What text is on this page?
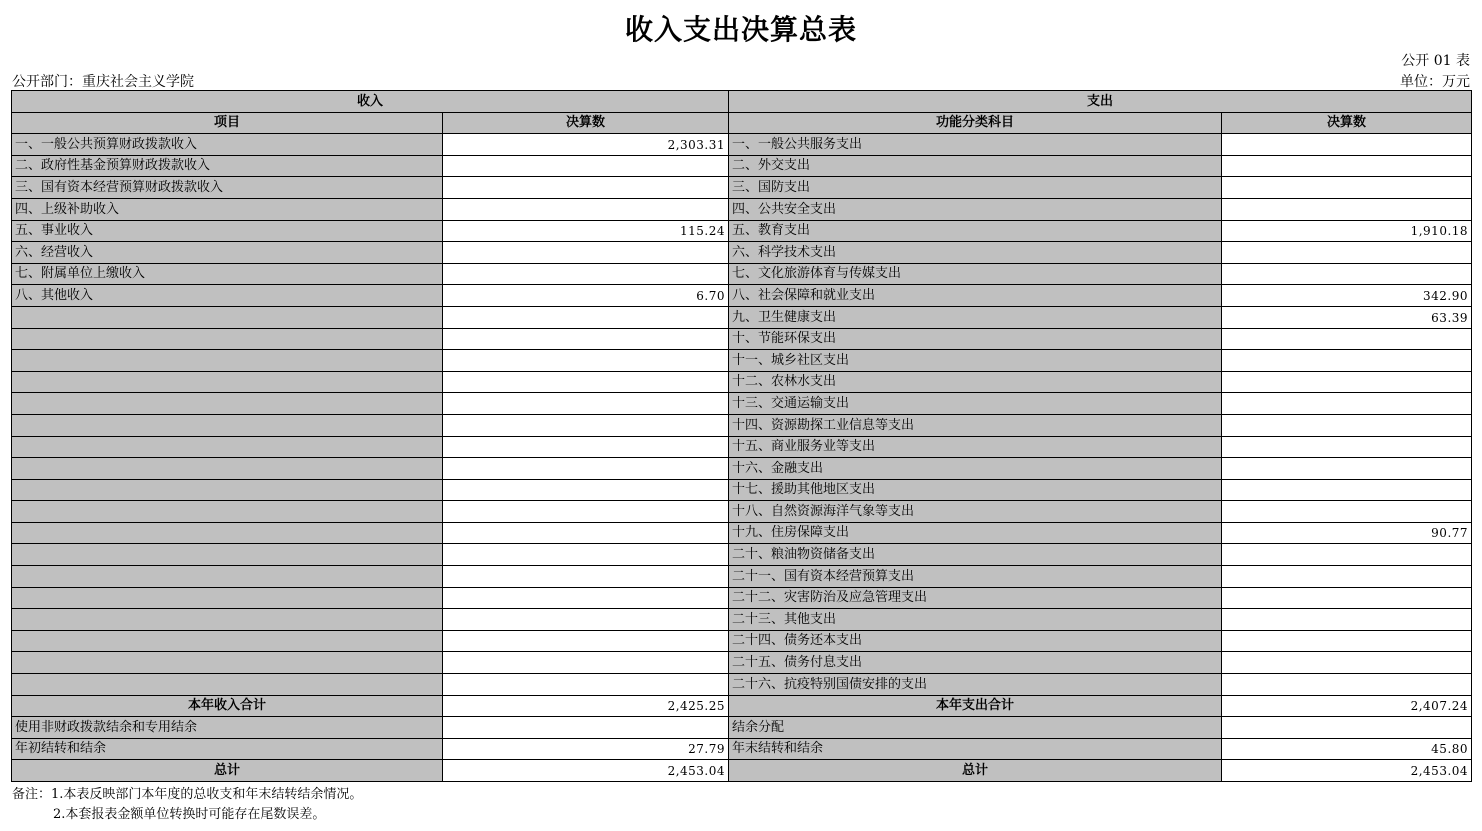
收入支出决算总表
公开 01 表
公开部门：重庆社会主义学院	单位：万元
收入		支出	
项目	决算数	功能分类科目	决算数
一、一般公共预算财政拨款收入	2,303.31	一、一般公共服务支出	
二、政府性基金预算财政拨款收入		二、外交支出	
三、国有资本经营预算财政拨款收入		三、国防支出	
四、上级补助收入		四、公共安全支出	
五、事业收入	115.24	五、教育支出	1,910.18
六、经营收入		六、科学技术支出	
七、附属单位上缴收入		七、文化旅游体育与传媒支出	
八、其他收入	6.70	八、社会保障和就业支出	342.90
		九、卫生健康支出	63.39
		十、节能环保支出	
		十一、城乡社区支出	
		十二、农林水支出	
		十三、交通运输支出	
		十四、资源勘探工业信息等支出	
		十五、商业服务业等支出	
		十六、金融支出	
		十七、援助其他地区支出	
		十八、自然资源海洋气象等支出	
		十九、住房保障支出	90.77
		二十、粮油物资储备支出	
		二十一、国有资本经营预算支出	
		二十二、灾害防治及应急管理支出	
		二十三、其他支出	
		二十四、债务还本支出	
		二十五、债务付息支出	
		二十六、抗疫特别国债安排的支出	
本年收入合计	2,425.25	本年支出合计	2,407.24
使用非财政拨款结余和专用结余		结余分配	
年初结转和结余	27.79	年末结转和结余	45.80
总计	2,453.04	总计	2,453.04
备注：1.本表反映部门本年度的总收支和年末结转结余情况。
2.本套报表金额单位转换时可能存在尾数误差。
